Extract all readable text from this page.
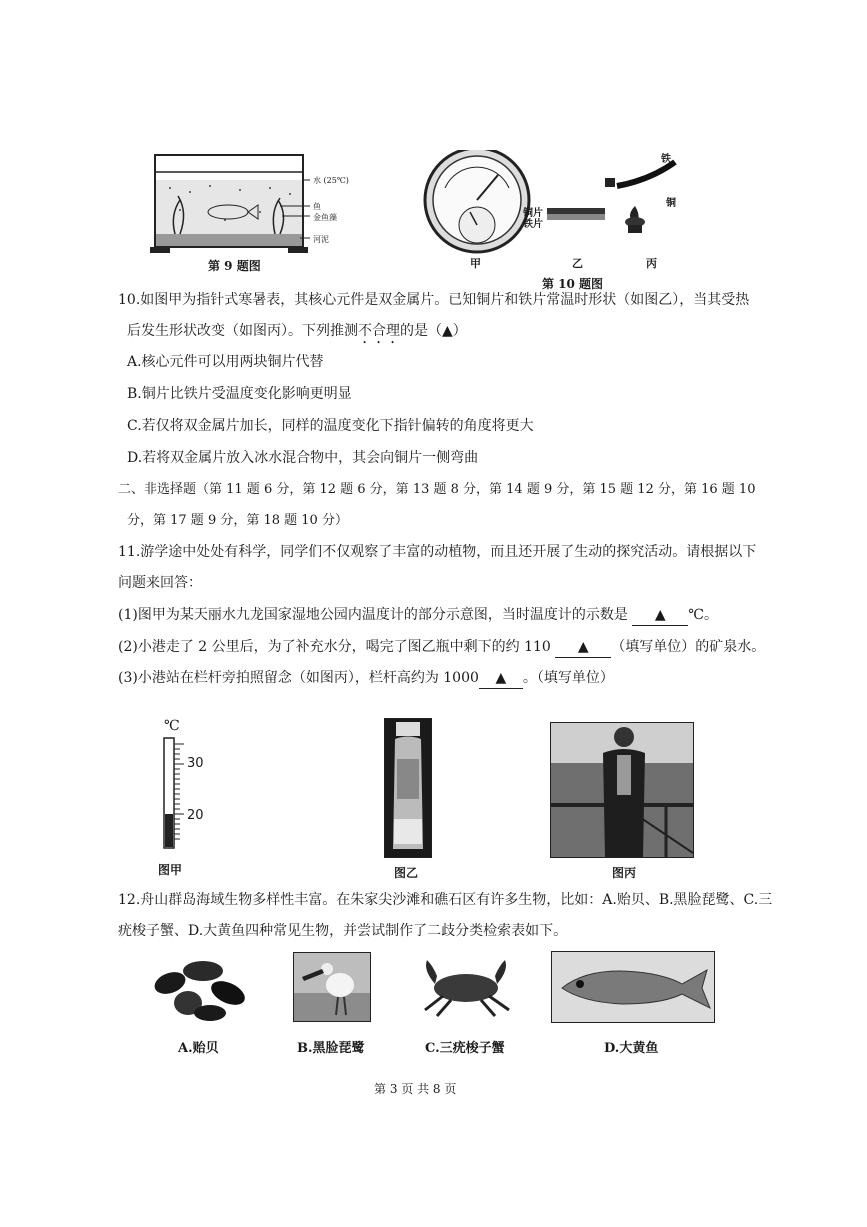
水 (25℃)
鱼
金鱼藻
河泥
第 9 题图
铜片
铁片
铁
铜
甲	乙	丙
第 10 题图
10.如图甲为指针式寒暑表，其核心元件是双金属片。已知铜片和铁片常温时形状（如图乙），当其受热
后发生形状改变（如图丙）。下列推测不合理的是（▲）
A.核心元件可以用两块铜片代替
B.铜片比铁片受温度变化影响更明显
C.若仅将双金属片加长，同样的温度变化下指针偏转的角度将更大
D.若将双金属片放入冰水混合物中，其会向铜片一侧弯曲
二、非选择题（第 11 题 6 分，第 12 题 6 分，第 13 题 8 分，第 14 题 9 分，第 15 题 12 分，第 16 题 10
分，第 17 题 9 分，第 18 题 10 分）
11.游学途中处处有科学，同学们不仅观察了丰富的动植物，而且还开展了生动的探究活动。请根据以下
问题来回答：
(1)图甲为某天丽水九龙国家湿地公园内温度计的部分示意图，当时温度计的示数是 ▲ ℃。
(2)小港走了 2 公里后，为了补充水分，喝完了图乙瓶中剩下的约 110 ▲ （填写单位）的矿泉水。
(3)小港站在栏杆旁拍照留念（如图丙），栏杆高约为 1000 ▲ 。（填写单位）
℃
30
20
图甲	图乙	图丙
12.舟山群岛海域生物多样性丰富。在朱家尖沙滩和礁石区有许多生物，比如：A.贻贝、B.黑脸琵鹭、C.三
疣梭子蟹、D.大黄鱼四种常见生物，并尝试制作了二歧分类检索表如下。
A.贻贝	B.黑脸琵鹭	C.三疣梭子蟹	D.大黄鱼
第 3 页 共 8 页
